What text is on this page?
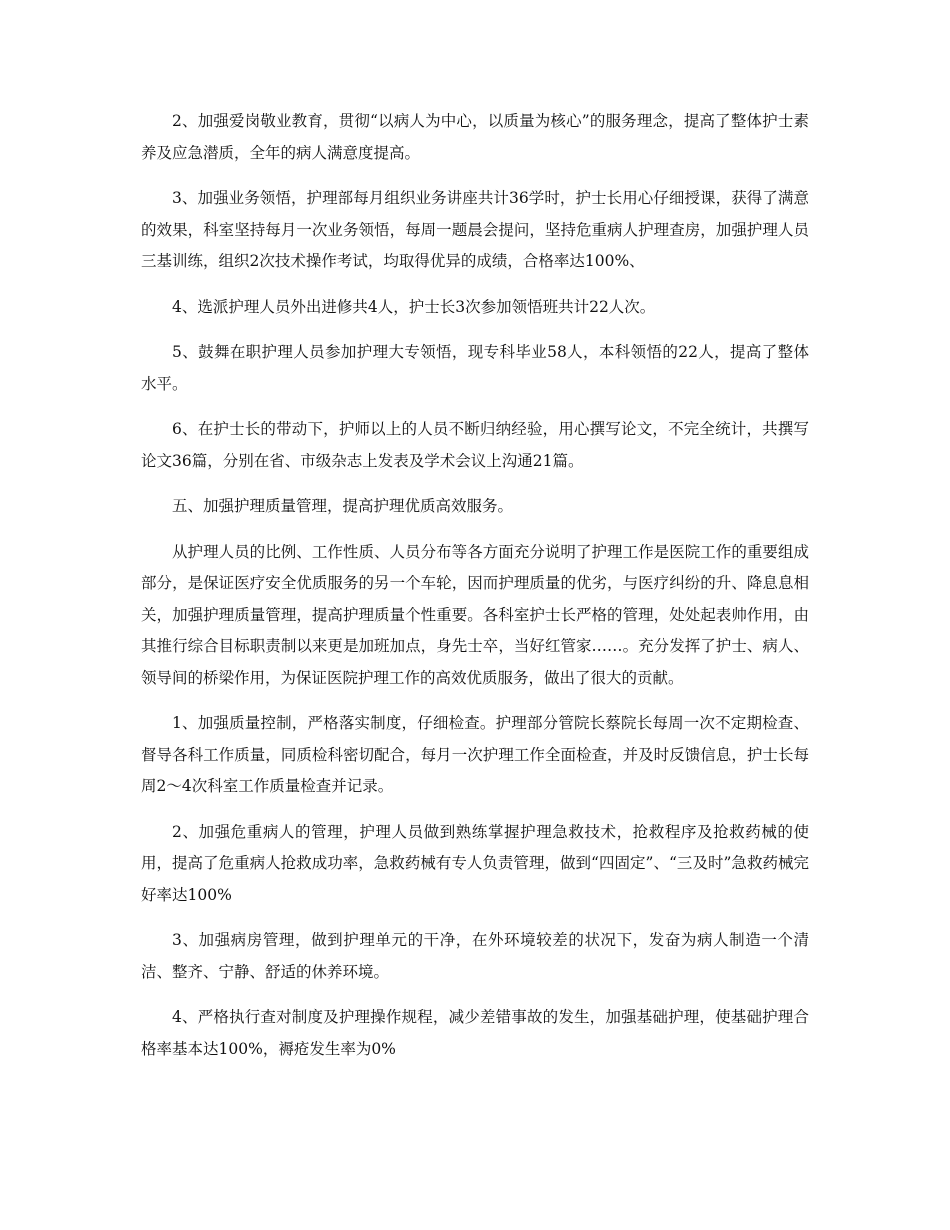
2、加强爱岗敬业教育，贯彻“以病人为中心，以质量为核心”的服务理念，提高了整体护士素养及应急潜质，全年的病人满意度提高。

3、加强业务领悟，护理部每月组织业务讲座共计36学时，护士长用心仔细授课，获得了满意的效果，科室坚持每月一次业务领悟，每周一题晨会提问，坚持危重病人护理查房，加强护理人员三基训练，组织2次技术操作考试，均取得优异的成绩，合格率达100%、

4、选派护理人员外出进修共4人，护士长3次参加领悟班共计22人次。

5、鼓舞在职护理人员参加护理大专领悟，现专科毕业58人，本科领悟的22人，提高了整体水平。

6、在护士长的带动下，护师以上的人员不断归纳经验，用心撰写论文，不完全统计，共撰写论文36篇，分别在省、市级杂志上发表及学术会议上沟通21篇。

五、加强护理质量管理，提高护理优质高效服务。

从护理人员的比例、工作性质、人员分布等各方面充分说明了护理工作是医院工作的重要组成部分，是保证医疗安全优质服务的另一个车轮，因而护理质量的优劣，与医疗纠纷的升、降息息相关，加强护理质量管理，提高护理质量个性重要。各科室护士长严格的管理，处处起表帅作用，由其推行综合目标职责制以来更是加班加点，身先士卒，当好红管家……。充分发挥了护士、病人、领导间的桥梁作用，为保证医院护理工作的高效优质服务，做出了很大的贡献。

1、加强质量控制，严格落实制度，仔细检查。护理部分管院长蔡院长每周一次不定期检查、督导各科工作质量，同质检科密切配合，每月一次护理工作全面检查，并及时反馈信息，护士长每周2～4次科室工作质量检查并记录。

2、加强危重病人的管理，护理人员做到熟练掌握护理急救技术，抢救程序及抢救药械的使用，提高了危重病人抢救成功率，急救药械有专人负责管理，做到“四固定”、“三及时”急救药械完好率达100%

3、加强病房管理，做到护理单元的干净，在外环境较差的状况下，发奋为病人制造一个清洁、整齐、宁静、舒适的休养环境。

4、严格执行查对制度及护理操作规程，减少差错事故的发生，加强基础护理，使基础护理合格率基本达100%，褥疮发生率为0%
